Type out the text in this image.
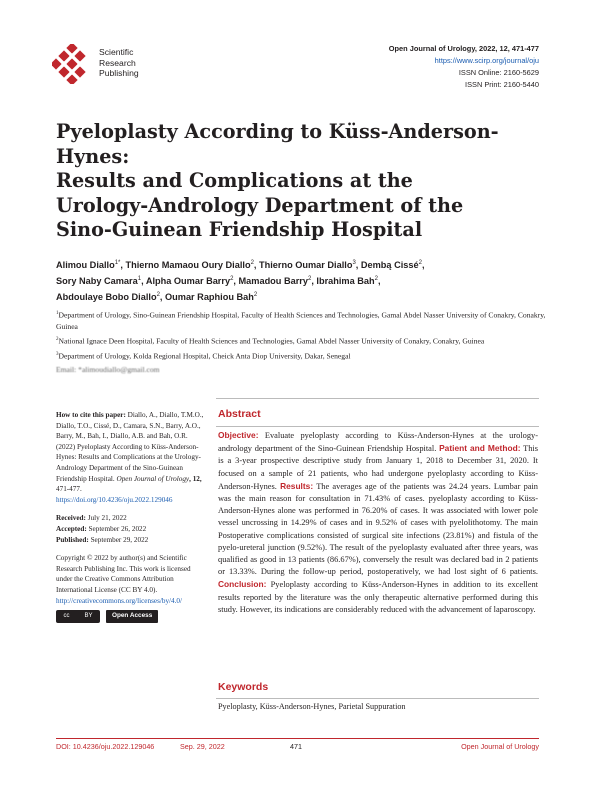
Scientific
Research
Publishing
Open Journal of Urology, 2022, 12, 471-477
https://www.scirp.org/journal/oju
ISSN Online: 2160-5629
ISSN Print: 2160-5440
Pyeloplasty According to Küss-Anderson-Hynes:
Results and Complications at the
Urology-Andrology Department of the
Sino-Guinean Friendship Hospital
Alimou Diallo$^{1*}$, Thierno Mamaou Oury Diallo$^2$, Thierno Oumar Diallo$^3$, Dembą Cissé$^2$,
Sory Naby Camara$^1$, Alpha Oumar Barry$^2$, Mamadou Barry$^2$, Ibrahima Bah$^2$,
Abdoulaye Bobo Diallo$^2$, Oumar Raphiou Bah$^2$
$^1$Department of Urology, Sino-Guinean Friendship Hospital, Faculty of Health Sciences and Technologies, Gamal Abdel Nasser University of Conakry, Conakry, Guinea
$^2$National Ignace Deen Hospital, Faculty of Health Sciences and Technologies, Gamal Abdel Nasser University of Conakry, Conakry, Guinea
$^3$Department of Urology, Kolda Regional Hospital, Cheick Anta Diop University, Dakar, Senegal
Email: *alimoudiallo@gmail.com
How to cite this paper: Diallo, A., Diallo, T.M.O., Diallo, T.O., Cissé, D., Camara, S.N., Barry, A.O., Barry, M., Bah, I., Diallo, A.B. and Bah, O.R. (2022) Pyeloplasty According to Küss-Anderson-Hynes: Results and Complications at the Urology-Andrology Department of the Sino-Guinean Friendship Hospital. Open Journal of Urology, 12, 471-477.
https://doi.org/10.4236/oju.2022.129046
Received: July 21, 2022
Accepted: September 26, 2022
Published: September 29, 2022
Copyright © 2022 by author(s) and Scientific Research Publishing Inc. This work is licensed under the Creative Commons Attribution International License (CC BY 4.0).
http://creativecommons.org/licenses/by/4.0/
cc BY	Open Access
Abstract
Objective: Evaluate pyeloplasty according to Küss-Anderson-Hynes at the urology-andrology department of the Sino-Guinean Friendship Hospital. Patient and Method: This is a 3-year prospective descriptive study from January 1, 2018 to December 31, 2020. It focused on a sample of 21 patients, who had undergone pyeloplasty according to Küss-Anderson-Hynes. Results: The averages age of the patients was 24.24 years. Lumbar pain was the main reason for consultation in 71.43% of cases. pyeloplasty according to Küss-Anderson-Hynes alone was performed in 76.20% of cases. It was associated with lower pole vessel uncrossing in 14.29% of cases and in 9.52% of cases with pyelolithotomy. The main Postoperative complications consisted of surgical site infections (23.81%) and fistula of the pyelo-ureteral junction (9.52%). The result of the pyeloplasty evaluated after three years, was qualified as good in 13 patients (86.67%), conversely the result was declared bad in 2 patients or 13.33%. During the follow-up period, postoperatively, we had lost sight of 6 patients. Conclusion: Pyeloplasty according to Küss-Anderson-Hynes in addition to its excellent results reported by the literature was the only therapeutic alternative performed during this study. However, its indications are considerably reduced with the advancement of laparoscopy.
Keywords
Pyeloplasty, Küss-Anderson-Hynes, Parietal Suppuration
DOI: 10.4236/oju.2022.129046	Sep. 29, 2022	471	Open Journal of Urology
